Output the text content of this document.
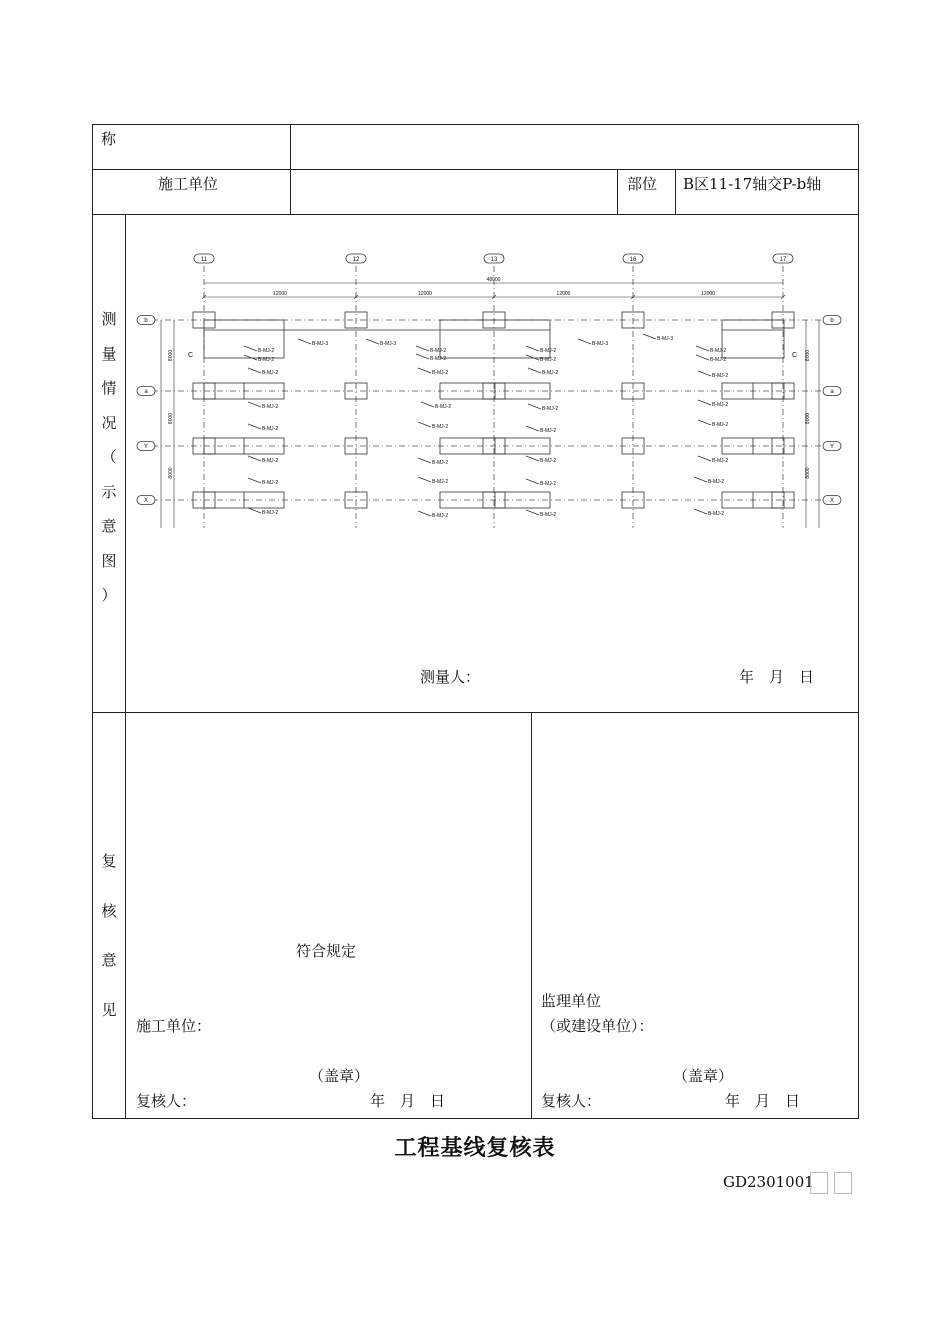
称
施工单位	部位 B区11-17轴交P-b轴
测
量
情
况
（
示
意
图
）
48000
12000	12000	12000	12000
8000	8000
8000	8000
8000	8000
B-MJ-2
B-MJ-2
B-MJ-3	B-MJ-3
B-MJ-2
B-MJ-2
B-MJ-2
B-MJ-2
B-MJ-3
B-MJ-3
B-MJ-2
B-MJ-2
B-MJ-2
B-MJ-2
B-MJ-2
B-MJ-2
B-MJ-2
B-MJ-2
B-MJ-2
B-MJ-2
B-MJ-2
B-MJ-2
B-MJ-2
B-MJ-2
B-MJ-2
B-MJ-2
B-MJ-2
B-MJ-2
B-MJ-2
B-MJ-2
B-MJ-2
B-MJ-2
B-MJ-2
B-MJ-2
B-MJ-2
B-MJ-2
C	C
11	12	13	16	17
b	b
a	a
Y	Y
X	X
测量人：	年　月　日
复
核
意
见
符合规定
施工单位：
（盖章）
复核人：	年　月　日
监理单位
（或建设单位）：
（盖章）
复核人：	年　月　日
工程基线复核表
GD2301001
